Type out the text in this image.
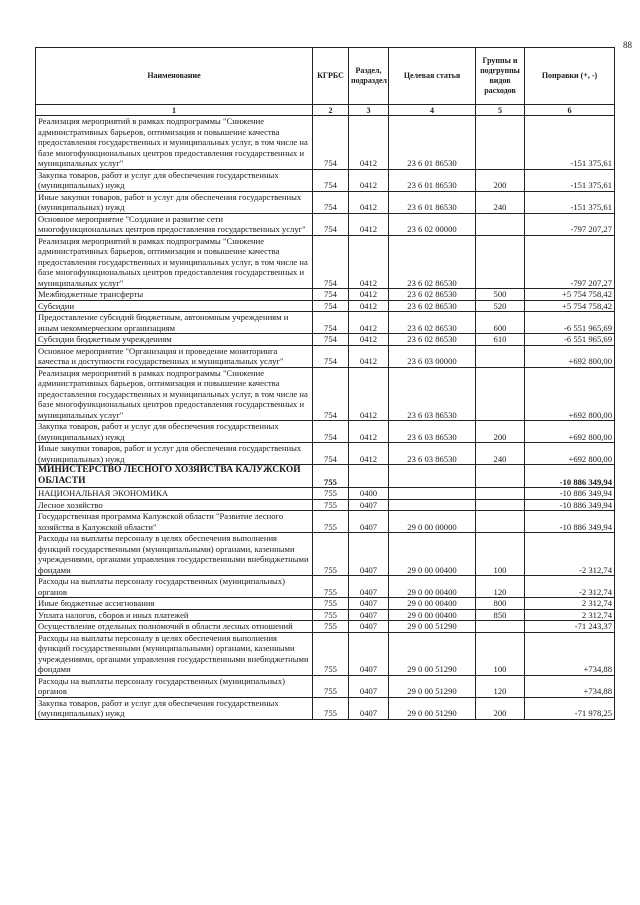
88
Наименование	КГРБС	Раздел, подраздел	Целевая статья	Группы и подгруппы видов расходов	Поправки (+, -)
1	2	3	4	5	6
Реализация мероприятий в рамках подпрограммы "Снижение административных барьеров, оптимизация и повышение качества предоставления государственных и муниципальных услуг, в том числе на базе многофункциональных центров предоставления государственных и муниципальных услуг"	754	0412	23 6 01 86530		-151 375,61
Закупка товаров, работ и услуг для обеспечения государственных (муниципальных) нужд	754	0412	23 6 01 86530	200	-151 375,61
Иные закупки товаров, работ и услуг для обеспечения государственных (муниципальных) нужд	754	0412	23 6 01 86530	240	-151 375,61
Основное мероприятие "Создание и развитие сети многофункциональных центров предоставления государственных услуг"	754	0412	23 6 02 00000		-797 207,27
Реализация мероприятий в рамках подпрограммы "Снижение административных барьеров, оптимизация и повышение качества предоставления государственных и муниципальных услуг, в том числе на базе многофункциональных центров предоставления государственных и муниципальных услуг"	754	0412	23 6 02 86530		-797 207,27
Межбюджетные трансферты	754	0412	23 6 02 86530	500	+5 754 758,42
Субсидии	754	0412	23 6 02 86530	520	+5 754 758,42
Предоставление субсидий бюджетным, автономным учреждениям и иным некоммерческим организациям	754	0412	23 6 02 86530	600	-6 551 965,69
Субсидии бюджетным учреждениям	754	0412	23 6 02 86530	610	-6 551 965,69
Основное мероприятие "Организация и проведение мониторинга качества и доступности государственных и муниципальных услуг"	754	0412	23 6 03 00000		+692 800,00
Реализация мероприятий в рамках подпрограммы "Снижение административных барьеров, оптимизация и повышение качества предоставления государственных и муниципальных услуг, в том числе на базе многофункциональных центров предоставления государственных и муниципальных услуг"	754	0412	23 6 03 86530		+692 800,00
Закупка товаров, работ и услуг для обеспечения государственных (муниципальных) нужд	754	0412	23 6 03 86530	200	+692 800,00
Иные закупки товаров, работ и услуг для обеспечения государственных (муниципальных) нужд	754	0412	23 6 03 86530	240	+692 800,00
МИНИСТЕРСТВО ЛЕСНОГО ХОЗЯЙСТВА КАЛУЖСКОЙ ОБЛАСТИ	755				-10 886 349,94
НАЦИОНАЛЬНАЯ ЭКОНОМИКА	755	0400			-10 886 349,94
Лесное хозяйство	755	0407			-10 886 349,94
Государственная программа Калужской области "Развитие лесного хозяйства в Калужской области"	755	0407	29 0 00 00000		-10 886 349,94
Расходы на выплаты персоналу в целях обеспечения выполнения функций государственными (муниципальными) органами, казенными учреждениями, органами управления государственными внебюджетными фондами	755	0407	29 0 00 00400	100	-2 312,74
Расходы на выплаты персоналу государственных (муниципальных) органов	755	0407	29 0 00 00400	120	-2 312,74
Иные бюджетные ассигнования	755	0407	29 0 00 00400	800	2 312,74
Уплата налогов, сборов и иных платежей	755	0407	29 0 00 00400	850	2 312,74
Осуществление отдельных полномочий в области лесных отношений	755	0407	29 0 00 51290		-71 243,37
Расходы на выплаты персоналу в целях обеспечения выполнения функций государственными (муниципальными) органами, казенными учреждениями, органами управления государственными внебюджетными фондами	755	0407	29 0 00 51290	100	+734,88
Расходы на выплаты персоналу государственных (муниципальных) органов	755	0407	29 0 00 51290	120	+734,88
Закупка товаров, работ и услуг для обеспечения государственных (муниципальных) нужд	755	0407	29 0 00 51290	200	-71 978,25
